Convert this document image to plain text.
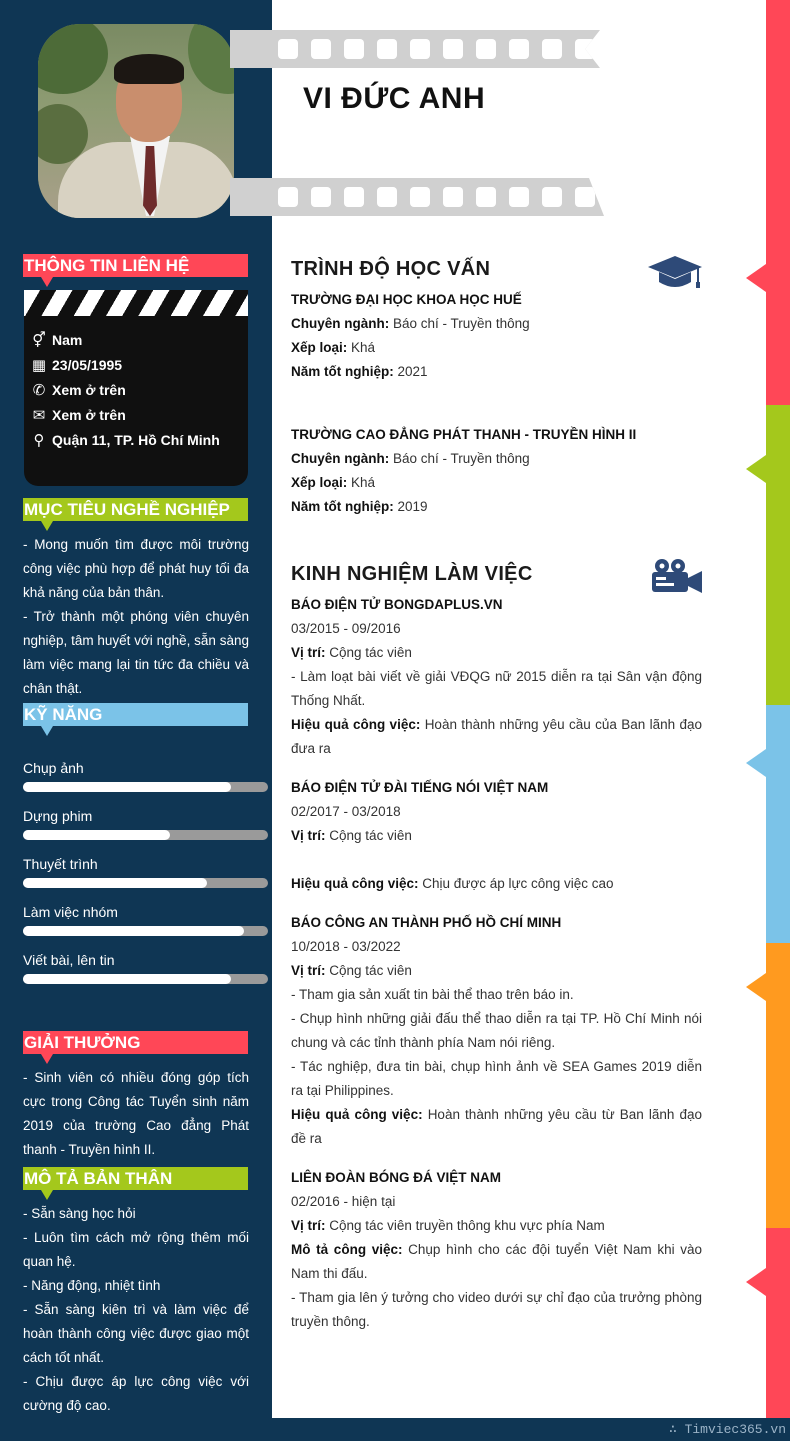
VI ĐỨC ANH
THÔNG TIN LIÊN HỆ
⚥ Nam
▦ 23/05/1995
✆ Xem ở trên
✉ Xem ở trên
⚲ Quận 11, TP. Hồ Chí Minh
MỤC TIÊU NGHỀ NGHIỆP
- Mong muốn tìm được môi trường công việc phù hợp để phát huy tối đa khả năng của bản thân.
- Trở thành một phóng viên chuyên nghiệp, tâm huyết với nghề, sẵn sàng làm việc mang lại tin tức đa chiều và chân thật.
KỸ NĂNG
Chụp ảnh
Dựng phim
Thuyết trình
Làm việc nhóm
Viết bài, lên tin
GIẢI THƯỞNG
- Sinh viên có nhiều đóng góp tích cực trong Công tác Tuyển sinh năm 2019 của trường Cao đẳng Phát thanh - Truyền hình II.
MÔ TẢ BẢN THÂN
- Sẵn sàng học hỏi
- Luôn tìm cách mở rộng thêm mối quan hệ.
- Năng động, nhiệt tình
- Sẵn sàng kiên trì và làm việc để hoàn thành công việc được giao một cách tốt nhất.
- Chịu được áp lực công việc với cường độ cao.
TRÌNH ĐỘ HỌC VẤN
TRƯỜNG ĐẠI HỌC KHOA HỌC HUẾ
Chuyên ngành: Báo chí - Truyền thông
Xếp loại: Khá
Năm tốt nghiệp: 2021
TRƯỜNG CAO ĐẲNG PHÁT THANH - TRUYỀN HÌNH II
Chuyên ngành: Báo chí - Truyền thông
Xếp loại: Khá
Năm tốt nghiệp: 2019
KINH NGHIỆM LÀM VIỆC
BÁO ĐIỆN TỬ BONGDAPLUS.VN
03/2015 - 09/2016
Vị trí: Cộng tác viên
- Làm loạt bài viết về giải VĐQG nữ 2015 diễn ra tại Sân vận động Thống Nhất.
Hiệu quả công việc: Hoàn thành những yêu cầu của Ban lãnh đạo đưa ra
BÁO ĐIỆN TỬ ĐÀI TIẾNG NÓI VIỆT NAM
02/2017 - 03/2018
Vị trí: Cộng tác viên
Hiệu quả công việc: Chịu được áp lực công việc cao
BÁO CÔNG AN THÀNH PHỐ HỒ CHÍ MINH
10/2018 - 03/2022
Vị trí: Cộng tác viên
- Tham gia sản xuất tin bài thể thao trên báo in.
- Chụp hình những giải đấu thể thao diễn ra tại TP. Hồ Chí Minh nói chung và các tỉnh thành phía Nam nói riêng.
- Tác nghiệp, đưa tin bài, chụp hình ảnh về SEA Games 2019 diễn ra tại Philippines.
Hiệu quả công việc: Hoàn thành những yêu cầu từ Ban lãnh đạo đề ra
LIÊN ĐOÀN BÓNG ĐÁ VIỆT NAM
02/2016 - hiện tại
Vị trí: Cộng tác viên truyền thông khu vực phía Nam
Mô tả công việc: Chụp hình cho các đội tuyển Việt Nam khi vào Nam thi đấu.
- Tham gia lên ý tưởng cho video dưới sự chỉ đạo của trưởng phòng truyền thông.
∴ Timviec365.vn
